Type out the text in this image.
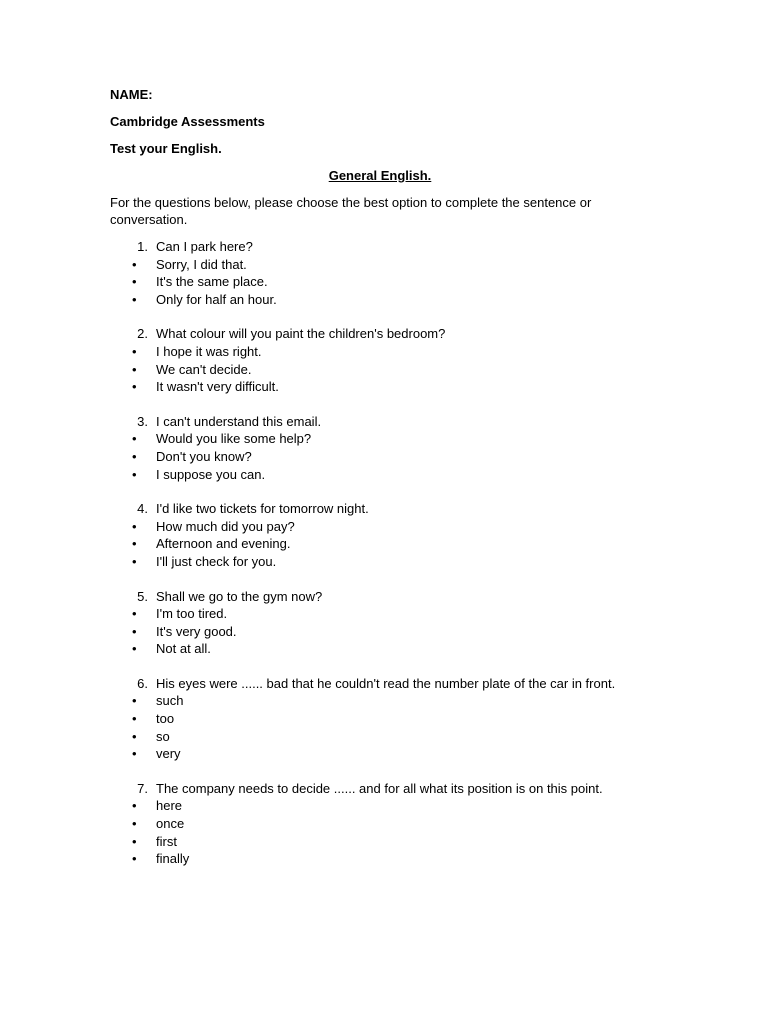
NAME:

Cambridge Assessments

Test your English.

General English.

For the questions below, please choose the best option to complete the sentence or conversation.

1. Can I park here?
•	Sorry, I did that.
•	It's the same place.
•	Only for half an hour.
2. What colour will you paint the children's bedroom?
•	I hope it was right.
•	We can't decide.
•	It wasn't very difficult.
3. I can't understand this email.
•	Would you like some help?
•	Don't you know?
•	I suppose you can.
4. I'd like two tickets for tomorrow night.
•	How much did you pay?
•	Afternoon and evening.
•	I'll just check for you.
5. Shall we go to the gym now?
•	I'm too tired.
•	It's very good.
•	Not at all.
6. His eyes were ...... bad that he couldn't read the number plate of the car in front.
•	such
•	too
•	so
•	very
7. The company needs to decide ...... and for all what its position is on this point.
•	here
•	once
•	first
•	finally
